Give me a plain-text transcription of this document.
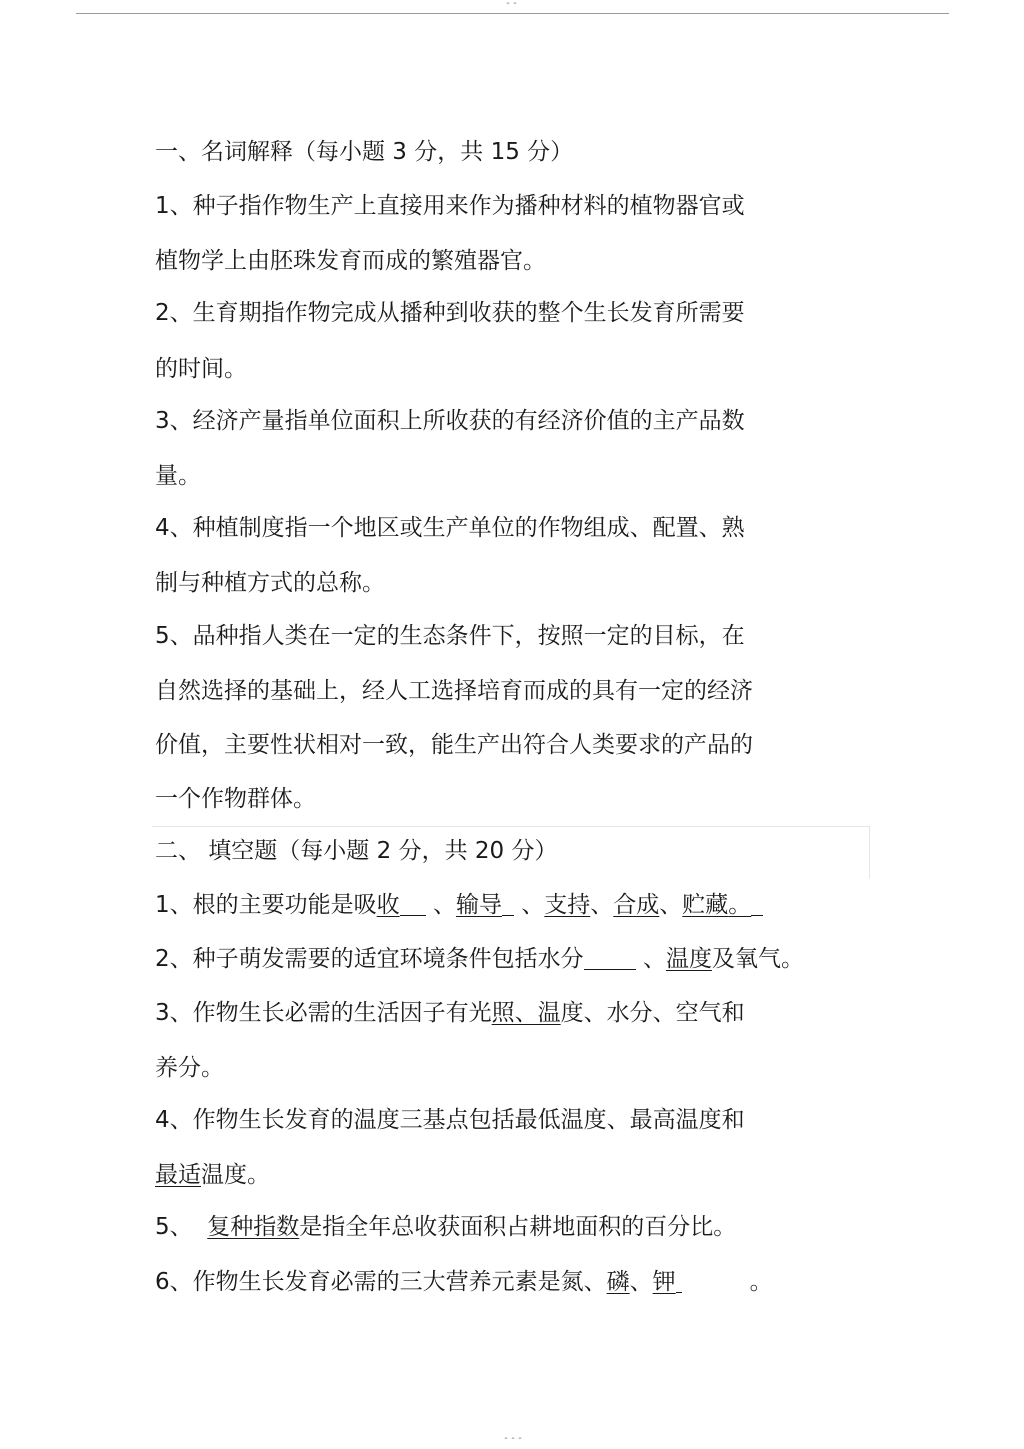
--
一、名词解释（每小题 3 分，共 15 分）
1、种子指作物生产上直接用来作为播种材料的植物器官或
植物学上由胚珠发育而成的繁殖器官。
2、生育期指作物完成从播种到收获的整个生长发育所需要
的时间。
3、经济产量指单位面积上所收获的有经济价值的主产品数
量。
4、种植制度指一个地区或生产单位的作物组成、配置、熟
制与种植方式的总称。
5、品种指人类在一定的生态条件下，按照一定的目标，在
自然选择的基础上，经人工选择培育而成的具有一定的经济
价值，主要性状相对一致，能生产出符合人类要求的产品的
一个作物群体。
二、 填空题（每小题 2 分，共 20 分）
1、根的主要功能是吸收 、输导 、支持、合成、贮藏。
2、种子萌发需要的适宜环境条件包括水分 、温度及氧气。
3、作物生长必需的生活因子有光照、温度、水分、空气和
养分。
4、作物生长发育的温度三基点包括最低温度、最高温度和
最适温度。
5、  复种指数是指全年总收获面积占耕地面积的百分比。
6、作物生长发育必需的三大营养元素是氮、磷、钾	。
---
